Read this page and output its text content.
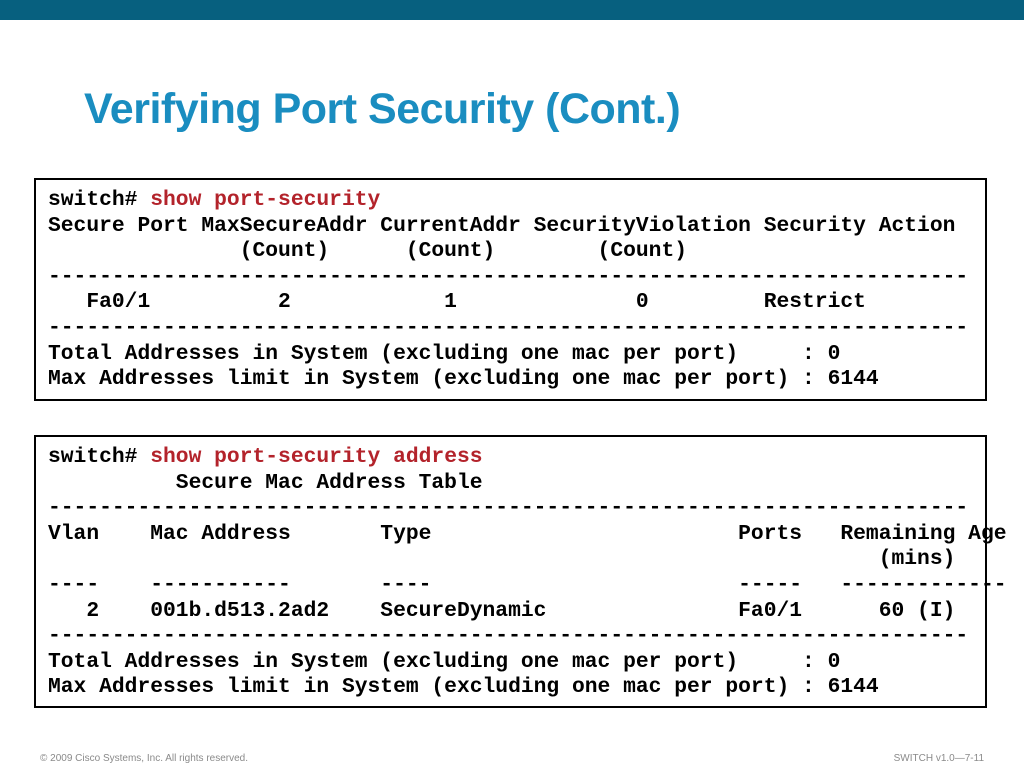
Verifying Port Security (Cont.)
switch# show port-security
Secure Port MaxSecureAddr CurrentAddr SecurityViolation Security Action
(Count)      (Count)        (Count)
------------------------------------------------------------------------
Fa0/1          2            1              0         Restrict
------------------------------------------------------------------------
Total Addresses in System (excluding one mac per port)     : 0
Max Addresses limit in System (excluding one mac per port) : 6144
switch# show port-security address
Secure Mac Address Table
------------------------------------------------------------------------
Vlan    Mac Address       Type                        Ports   Remaining Age
(mins)
----    -----------       ----                        -----   -------------
2    001b.d513.2ad2    SecureDynamic               Fa0/1      60 (I)
------------------------------------------------------------------------
Total Addresses in System (excluding one mac per port)     : 0
Max Addresses limit in System (excluding one mac per port) : 6144
© 2009 Cisco Systems, Inc. All rights reserved.	SWITCH v1.0—7-11
